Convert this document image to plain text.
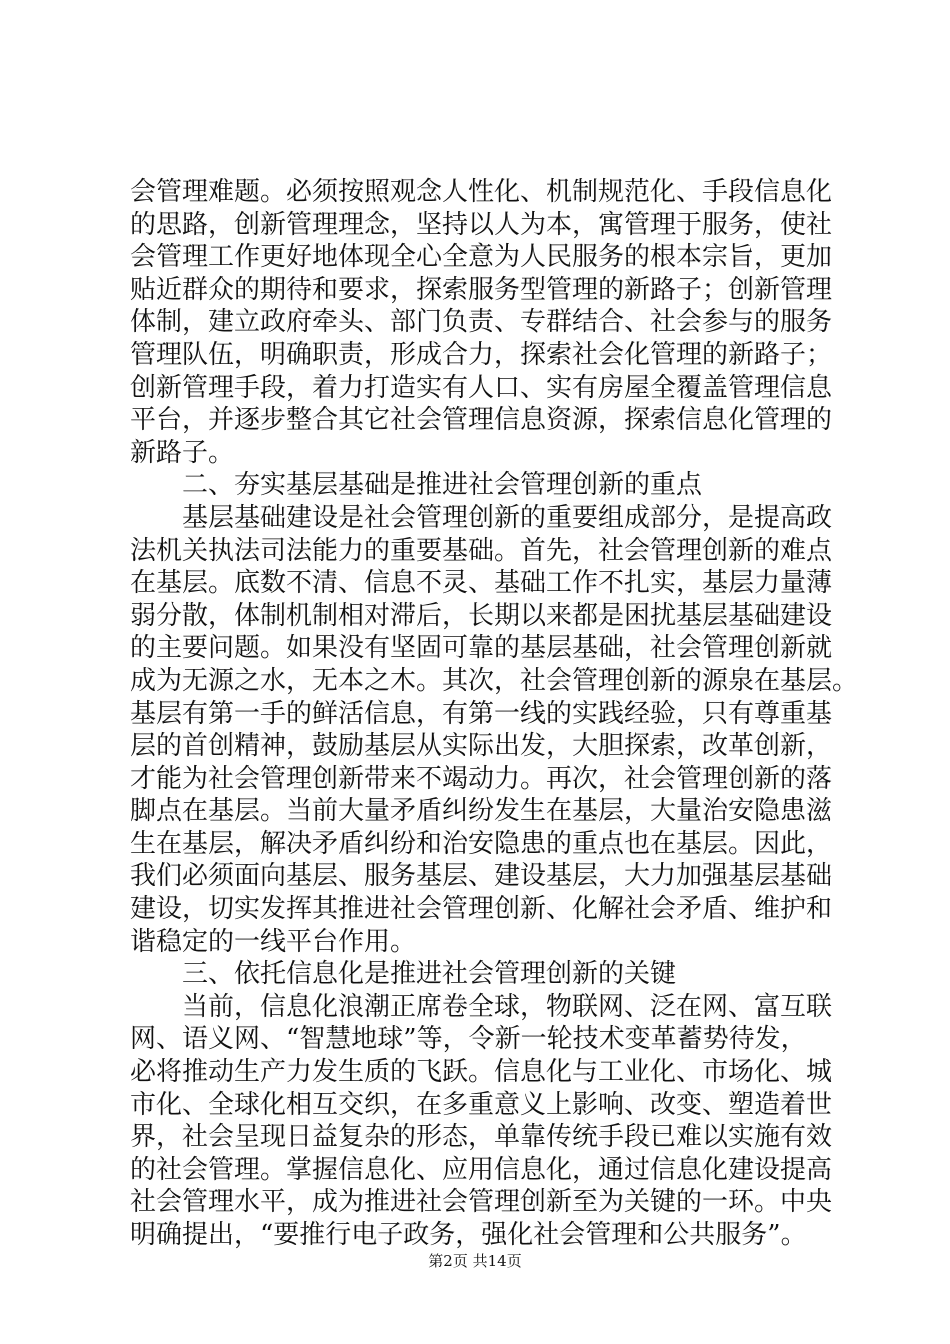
会管理难题。必须按照观念人性化、机制规范化、手段信息化
的思路，创新管理理念，坚持以人为本，寓管理于服务，使社
会管理工作更好地体现全心全意为人民服务的根本宗旨，更加
贴近群众的期待和要求，探索服务型管理的新路子；创新管理
体制，建立政府牵头、部门负责、专群结合、社会参与的服务
管理队伍，明确职责，形成合力，探索社会化管理的新路子；
创新管理手段，着力打造实有人口、实有房屋全覆盖管理信息
平台，并逐步整合其它社会管理信息资源，探索信息化管理的
新路子。
二、夯实基层基础是推进社会管理创新的重点
基层基础建设是社会管理创新的重要组成部分，是提高政
法机关执法司法能力的重要基础。首先，社会管理创新的难点
在基层。底数不清、信息不灵、基础工作不扎实，基层力量薄
弱分散，体制机制相对滞后，长期以来都是困扰基层基础建设
的主要问题。如果没有坚固可靠的基层基础，社会管理创新就
成为无源之水，无本之木。其次，社会管理创新的源泉在基层。
基层有第一手的鲜活信息，有第一线的实践经验，只有尊重基
层的首创精神，鼓励基层从实际出发，大胆探索，改革创新，
才能为社会管理创新带来不竭动力。再次，社会管理创新的落
脚点在基层。当前大量矛盾纠纷发生在基层，大量治安隐患滋
生在基层，解决矛盾纠纷和治安隐患的重点也在基层。因此，
我们必须面向基层、服务基层、建设基层，大力加强基层基础
建设，切实发挥其推进社会管理创新、化解社会矛盾、维护和
谐稳定的一线平台作用。
三、依托信息化是推进社会管理创新的关键
当前，信息化浪潮正席卷全球，物联网、泛在网、富互联
网、语义网、“智慧地球”等，令新一轮技术变革蓄势待发，
必将推动生产力发生质的飞跃。信息化与工业化、市场化、城
市化、全球化相互交织，在多重意义上影响、改变、塑造着世
界，社会呈现日益复杂的形态，单靠传统手段已难以实施有效
的社会管理。掌握信息化、应用信息化，通过信息化建设提高
社会管理水平，成为推进社会管理创新至为关键的一环。中央
明确提出，“要推行电子政务，强化社会管理和公共服务”。
第2页 共14页
